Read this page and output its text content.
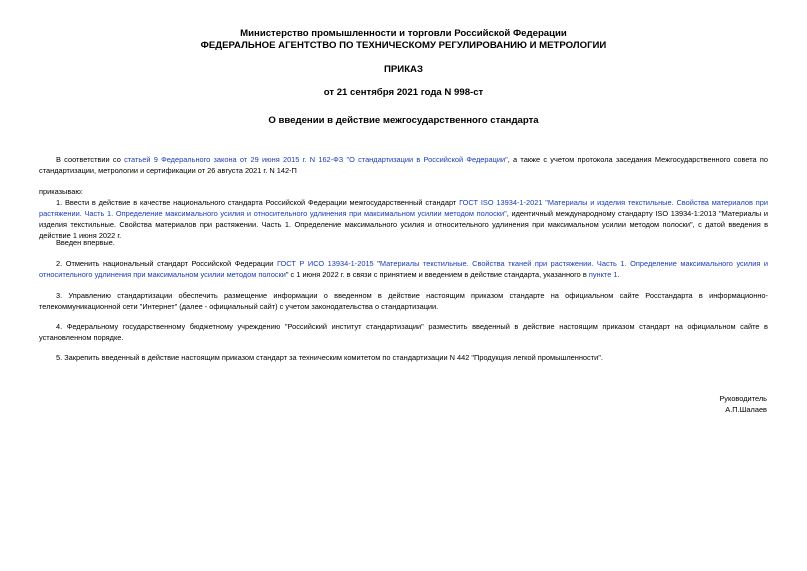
Министерство промышленности и торговли Российской Федерации
ФЕДЕРАЛЬНОЕ АГЕНТСТВО ПО ТЕХНИЧЕСКОМУ РЕГУЛИРОВАНИЮ И МЕТРОЛОГИИ
ПРИКАЗ
от 21 сентября 2021 года N 998-ст
О введении в действие межгосударственного стандарта
В соответствии со статьей 9 Федерального закона от 29 июня 2015 г. N 162-ФЗ "О стандартизации в Российской Федерации", а также с учетом протокола заседания Межгосударственного совета по стандартизации, метрологии и сертификации от 26 августа 2021 г. N 142-П
приказываю:
1. Ввести в действие в качестве национального стандарта Российской Федерации межгосударственный стандарт ГОСТ ISO 13934-1-2021 "Материалы и изделия текстильные. Свойства материалов при растяжении. Часть 1. Определение максимального усилия и относительного удлинения при максимальном усилии методом полоски", идентичный международному стандарту ISO 13934-1:2013 "Материалы и изделия текстильные. Свойства материалов при растяжении. Часть 1. Определение максимального усилия и относительного удлинения при максимальном усилии методом полоски", с датой введения в действие 1 июня 2022 г.
Введен впервые.
2. Отменить национальный стандарт Российской Федерации ГОСТ Р ИСО 13934-1-2015 "Материалы текстильные. Свойства тканей при растяжении. Часть 1. Определение максимального усилия и относительного удлинения при максимальном усилии методом полоски" с 1 июня 2022 г. в связи с принятием и введением в действие стандарта, указанного в пункте 1.
3. Управлению стандартизации обеспечить размещение информации о введенном в действие настоящим приказом стандарте на официальном сайте Росстандарта в информационно-телекоммуникационной сети "Интернет" (далее - официальный сайт) с учетом законодательства о стандартизации.
4. Федеральному государственному бюджетному учреждению "Российский институт стандартизации" разместить введенный в действие настоящим приказом стандарт на официальном сайте в установленном порядке.
5. Закрепить введенный в действие настоящим приказом стандарт за техническим комитетом по стандартизации N 442 "Продукция легкой промышленности".
Руководитель
А.П.Шалаев
